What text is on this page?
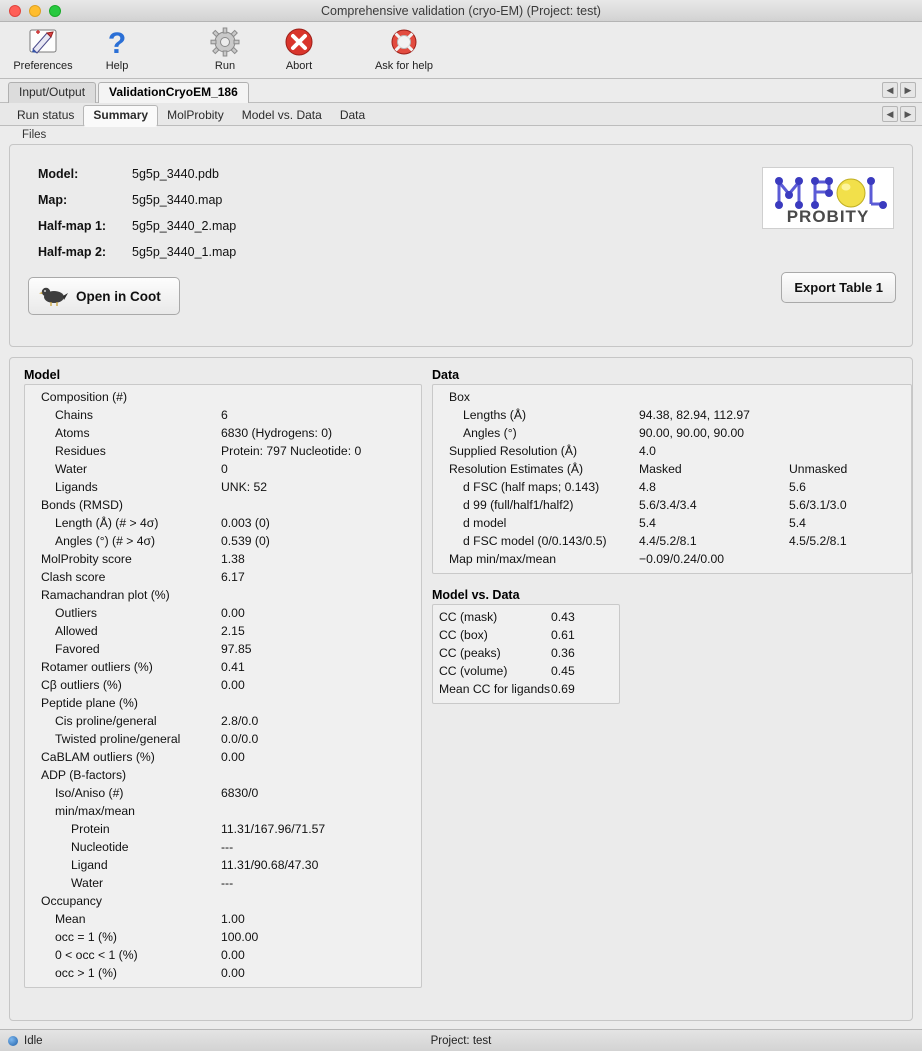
Comprehensive validation (cryo-EM) (Project: test)
Preferences
?
Help	Run	Abort	Ask for help
Input/Output	ValidationCryoEM_186	◀	▶
Run status	Summary	MolProbity	Model vs. Data	Data	◀	▶
Files
Model:	5g5p_3440.pdb
Map:	5g5p_3440.map
Half-map 1:	5g5p_3440_2.map
Half-map 2:	5g5p_3440_1.map
Open in Coot
Export Table 1
PROBITY
Model
Composition (#)
Chains	6
Atoms	6830 (Hydrogens: 0)
Residues	Protein: 797 Nucleotide: 0
Water	0
Ligands	UNK: 52
Bonds (RMSD)
Length (Å) (# > 4σ)	0.003 (0)
Angles (°) (# > 4σ)	0.539 (0)
MolProbity score	1.38
Clash score	6.17
Ramachandran plot (%)
Outliers	0.00
Allowed	2.15
Favored	97.85
Rotamer outliers (%)	0.41
Cβ outliers (%)	0.00
Peptide plane (%)
Cis proline/general	2.8/0.0
Twisted proline/general	0.0/0.0
CaBLAM outliers (%)	0.00
ADP (B-factors)
Iso/Aniso (#)	6830/0
min/max/mean
Protein	11.31/167.96/71.57
Nucleotide	---
Ligand	11.31/90.68/47.30
Water	---
Occupancy
Mean	1.00
occ = 1 (%)	100.00
0 < occ < 1 (%)	0.00
occ > 1 (%)	0.00
Data
Box
Lengths (Å)	94.38, 82.94, 112.97
Angles (°)	90.00, 90.00, 90.00
Supplied Resolution (Å)	4.0
Resolution Estimates (Å)	Masked	Unmasked
d FSC (half maps; 0.143)	4.8	5.6
d 99 (full/half1/half2)	5.6/3.4/3.4	5.6/3.1/3.0
d model	5.4	5.4
d FSC model (0/0.143/0.5)	4.4/5.2/8.1	4.5/5.2/8.1
Map min/max/mean	−0.09/0.24/0.00
Model vs. Data
CC (mask)	0.43
CC (box)	0.61
CC (peaks)	0.36
CC (volume)	0.45
Mean CC for ligands 0.69
Idle	Project: test
